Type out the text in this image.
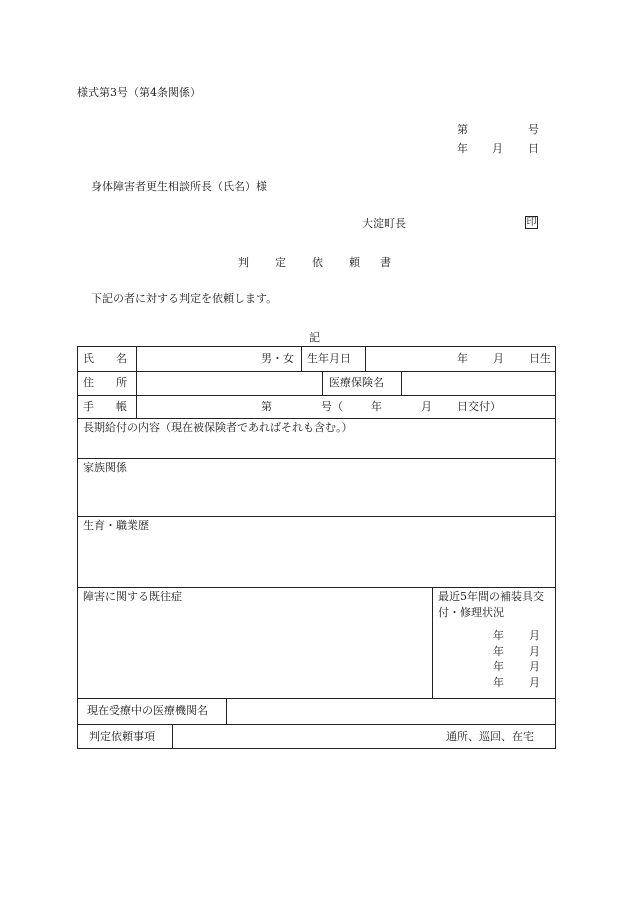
様式第3号（第4条関係）
第	号
年 月 日
身体障害者更生相談所長（氏名）様
大淀町長	印
判 定 依 頼 書
下記の者に対する判定を依頼します。
記
氏 名	男・女 生年月日	年 月 日生
住 所	医療保険名
手 帳	第	号（	年	月 日交付）
長期給付の内容（現在被保険者であればそれも含む。）
家族関係
生育・職業歴
障害に関する既往症	最近5年間の補装具交
付・修理状況
年 月
年 月
年 月
年 月
現在受療中の医療機関名
判定依頼事項	通所、巡回、在宅
